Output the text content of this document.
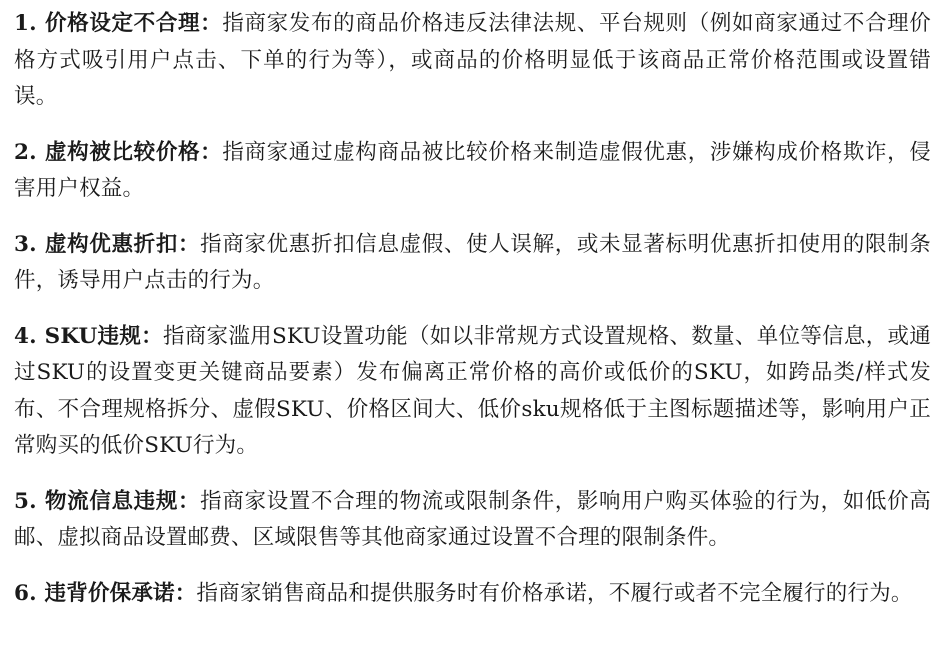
1. 价格设定不合理：指商家发布的商品价格违反法律法规、平台规则（例如商家通过不合理价格方式吸引用户点击、下单的行为等），或商品的价格明显低于该商品正常价格范围或设置错误。

2. 虚构被比较价格：指商家通过虚构商品被比较价格来制造虚假优惠，涉嫌构成价格欺诈，侵害用户权益。

3. 虚构优惠折扣：指商家优惠折扣信息虚假、使人误解，或未显著标明优惠折扣使用的限制条件，诱导用户点击的行为。

4. SKU违规：指商家滥用SKU设置功能（如以非常规方式设置规格、数量、单位等信息，或通过SKU的设置变更关键商品要素）发布偏离正常价格的高价或低价的SKU，如跨品类/样式发布、不合理规格拆分、虚假SKU、价格区间大、低价sku规格低于主图标题描述等，影响用户正常购买的低价SKU行为。

5. 物流信息违规：指商家设置不合理的物流或限制条件，影响用户购买体验的行为，如低价高邮、虚拟商品设置邮费、区域限售等其他商家通过设置不合理的限制条件。

6. 违背价保承诺：指商家销售商品和提供服务时有价格承诺，不履行或者不完全履行的行为。
